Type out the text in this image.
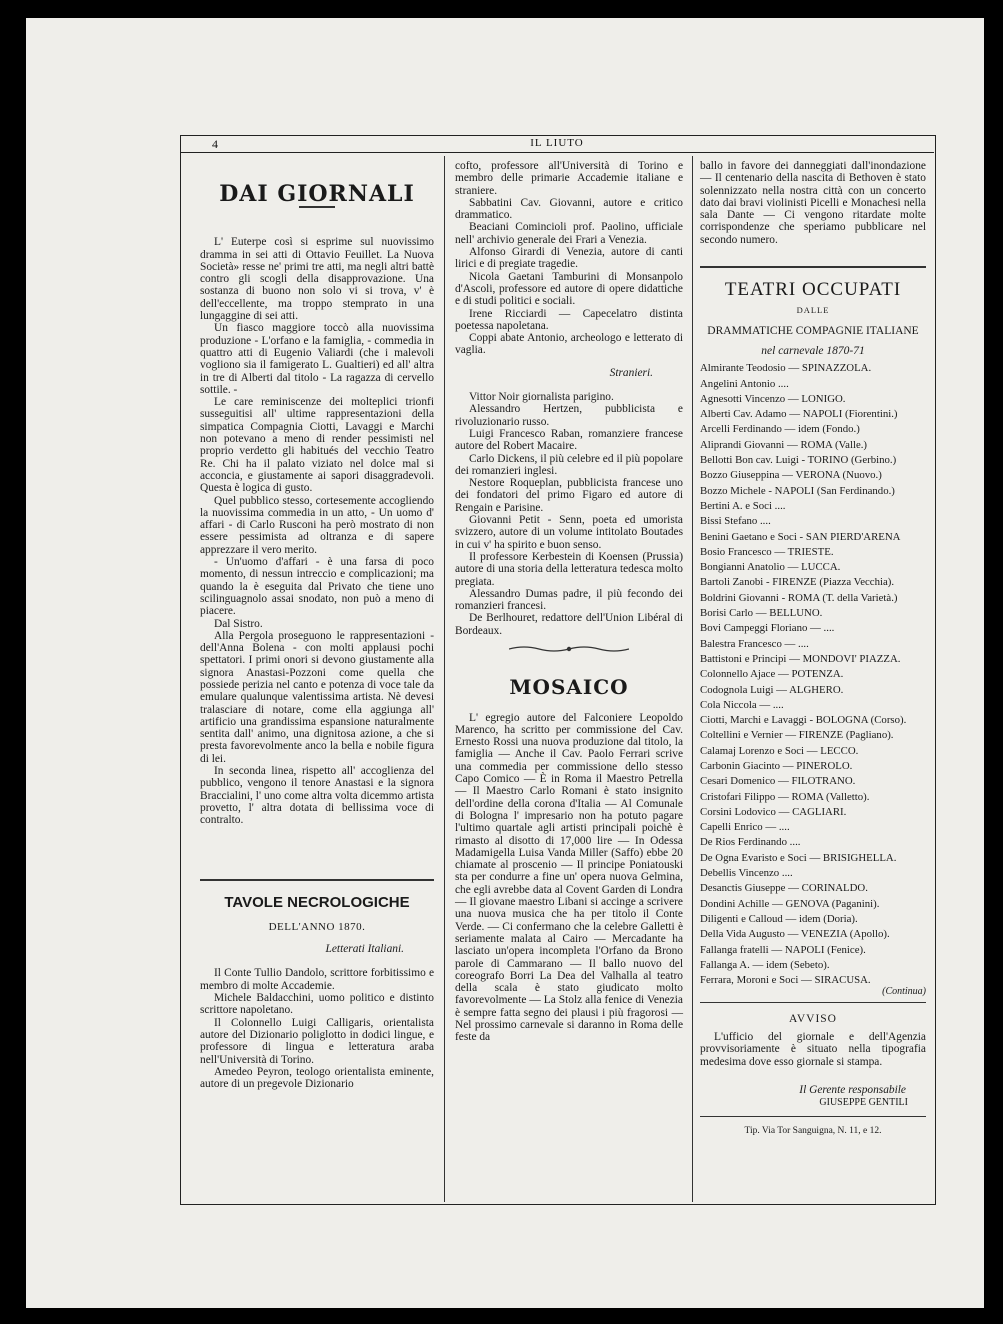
4	IL LIUTO
DAI GIORNALI

L' Euterpe così si esprime sul nuovissimo dramma in sei atti di Ottavio Feuillet. La Nuova Società» resse ne' primi tre atti, ma negli altri battè contro gli scogli della disapprovazione. Una sostanza di buono non solo vi si trova, v' è dell'eccellente, ma troppo stemprato in una lungaggine di sei atti.

Un fiasco maggiore toccò alla nuovissima produzione - L'orfano e la famiglia, - commedia in quattro atti di Eugenio Valiardi (che i malevoli vogliono sia il famigerato L. Gualtieri) ed all' altra in tre di Alberti dal titolo - La ragazza di cervello sottile. -

Le care reminiscenze dei molteplici trionfi susseguitisi all' ultime rappresentazioni della simpatica Compagnia Ciotti, Lavaggi e Marchi non potevano a meno di render pessimisti nel proprio verdetto gli habitués del vecchio Teatro Re. Chi ha il palato viziato nel dolce mal si acconcia, e giustamente ai sapori disaggradevoli. Questa è logica di gusto.

Quel pubblico stesso, cortesemente accogliendo la nuovissima commedia in un atto, - Un uomo d' affari - di Carlo Rusconi ha però mostrato di non essere pessimista ad oltranza e di sapere apprezzare il vero merito.

- Un'uomo d'affari - è una farsa di poco momento, di nessun intreccio e complicazioni; ma quando la è eseguita dal Privato che tiene uno scilinguagnolo assai snodato, non può a meno di piacere.

Dal Sistro.

Alla Pergola proseguono le rappresentazioni - dell'Anna Bolena - con molti applausi pochi spettatori. I primi onori si devono giustamente alla signora Anastasi-Pozzoni come quella che possiede perizia nel canto e potenza di voce tale da emulare qualunque valentissima artista. Nè devesi tralasciare di notare, come ella aggiunga all' artificio una grandissima espansione naturalmente sentita dall' animo, una dignitosa azione, a che si presta favorevolmente anco la bella e nobile figura di lei.

In seconda linea, rispetto all' accoglienza del pubblico, vengono il tenore Anastasi e la signora Braccialini, l' uno come altra volta dicemmo artista provetto, l' altra dotata di bellissima voce di contralto.

TAVOLE NECROLOGICHE
DELL'ANNO 1870.
Letterati Italiani.

Il Conte Tullio Dandolo, scrittore forbitissimo e membro di molte Accademie.

Michele Baldacchini, uomo politico e distinto scrittore napoletano.

Il Colonnello Luigi Calligaris, orientalista autore del Dizionario poliglotto in dodici lingue, e professore di lingua e letteratura araba nell'Università di Torino.

Amedeo Peyron, teologo orientalista eminente, autore di un pregevole Dizionario

cofto, professore all'Università di Torino e membro delle primarie Accademie italiane e straniere.

Sabbatini Cav. Giovanni, autore e critico drammatico.

Beaciani Comincioli prof. Paolino, ufficiale nell' archivio generale dei Frari a Venezia.

Alfonso Girardi di Venezia, autore di canti lirici e di pregiate tragedie.

Nicola Gaetani Tamburini di Monsanpolo d'Ascoli, professore ed autore di opere didattiche e di studi politici e sociali.

Irene Ricciardi — Capecelatro distinta poetessa napoletana.

Coppi abate Antonio, archeologo e letterato di vaglia.

Stranieri.

Vittor Noir giornalista parigino.

Alessandro Hertzen, pubblicista e rivoluzionario russo.

Luigi Francesco Raban, romanziere francese autore del Robert Macaire.

Carlo Dickens, il più celebre ed il più popolare dei romanzieri inglesi.

Nestore Roqueplan, pubblicista francese uno dei fondatori del primo Figaro ed autore di Rengain e Parisine.

Giovanni Petit - Senn, poeta ed umorista svizzero, autore di un volume intitolato Boutades in cui v' ha spirito e buon senso.

Il professore Kerbestein di Koensen (Prussia) autore di una storia della letteratura tedesca molto pregiata.

Alessandro Dumas padre, il più fecondo dei romanzieri francesi.

De Berlhouret, redattore dell'Union Libéral di Bordeaux.

MOSAICO

L' egregio autore del Falconiere Leopoldo Marenco, ha scritto per commissione del Cav. Ernesto Rossi una nuova produzione dal titolo, la famiglia — Anche il Cav. Paolo Ferrari scrive una commedia per commissione dello stesso Capo Comico — È in Roma il Maestro Petrella — Il Maestro Carlo Romani è stato insignito dell'ordine della corona d'Italia — Al Comunale di Bologna l' impresario non ha potuto pagare l'ultimo quartale agli artisti principali poichè è rimasto al disotto di 17,000 lire — In Odessa Madamigella Luisa Vanda Miller (Saffo) ebbe 20 chiamate al proscenio — Il principe Poniatouski sta per condurre a fine un' opera nuova Gelmina, che egli avrebbe data al Covent Garden di Londra — Il giovane maestro Libani si accinge a scrivere una nuova musica che ha per titolo il Conte Verde. — Ci confermano che la celebre Galletti è seriamente malata al Cairo — Mercadante ha lasciato un'opera incompleta l'Orfano da Brono parole di Cammarano — Il ballo nuovo del coreografo Borri La Dea del Valhalla al teatro della scala è stato giudicato molto favorevolmente — La Stolz alla fenice di Venezia è sempre fatta segno dei plausi i più fragorosi — Nel prossimo carnevale si daranno in Roma delle feste da

ballo in favore dei danneggiati dall'inondazione — Il centenario della nascita di Bethoven è stato solennizzato nella nostra città con un concerto dato dai bravi violinisti Picelli e Monachesi nella sala Dante — Ci vengono ritardate molte corrispondenze che speriamo pubblicare nel secondo numero.

TEATRI OCCUPATI
DALLE
DRAMMATICHE COMPAGNIE ITALIANE
nel carnevale 1870-71
Almirante Teodosio — SPINAZZOLA.
Angelini Antonio ....
Agnesotti Vincenzo — LONIGO.
Alberti Cav. Adamo — NAPOLI (Fiorentini.)
Arcelli Ferdinando — idem (Fondo.)
Aliprandi Giovanni — ROMA (Valle.)
Bellotti Bon cav. Luigi - TORINO (Gerbino.)
Bozzo Giuseppina — VERONA (Nuovo.)
Bozzo Michele - NAPOLI (San Ferdinando.)
Bertini A. e Soci ....
Bissi Stefano ....
Benini Gaetano e Soci - SAN PIERD'ARENA
Bosio Francesco — TRIESTE.
Bongianni Anatolio — LUCCA.
Bartoli Zanobi - FIRENZE (Piazza Vecchia).
Boldrini Giovanni - ROMA (T. della Varietà.)
Borisi Carlo — BELLUNO.
Bovi Campeggi Floriano — ....
Balestra Francesco — ....
Battistoni e Principi — MONDOVI' PIAZZA.
Colonnello Ajace — POTENZA.
Codognola Luigi — ALGHERO.
Cola Niccola — ....
Ciotti, Marchi e Lavaggi - BOLOGNA (Corso).
Coltellini e Vernier — FIRENZE (Pagliano).
Calamaj Lorenzo e Soci — LECCO.
Carbonin Giacinto — PINEROLO.
Cesari Domenico — FILOTRANO.
Cristofari Filippo — ROMA (Valletto).
Corsini Lodovico — CAGLIARI.
Capelli Enrico — ....
De Rios Ferdinando ....
De Ogna Evaristo e Soci — BRISIGHELLA.
Debellis Vincenzo ....
Desanctis Giuseppe — CORINALDO.
Dondini Achille — GENOVA (Paganini).
Diligenti e Calloud — idem (Doria).
Della Vida Augusto — VENEZIA (Apollo).
Fallanga fratelli — NAPOLI (Fenice).
Fallanga A. — idem (Sebeto).
Ferrara, Moroni e Soci — SIRACUSA.
(Continua)
AVVISO

L'ufficio del giornale e dell'Agenzia provvisoriamente è situato nella tipografia medesima dove esso giornale si stampa.

Il Gerente responsabile
GIUSEPPE GENTILI
Tip. Via Tor Sanguigna, N. 11, e 12.
